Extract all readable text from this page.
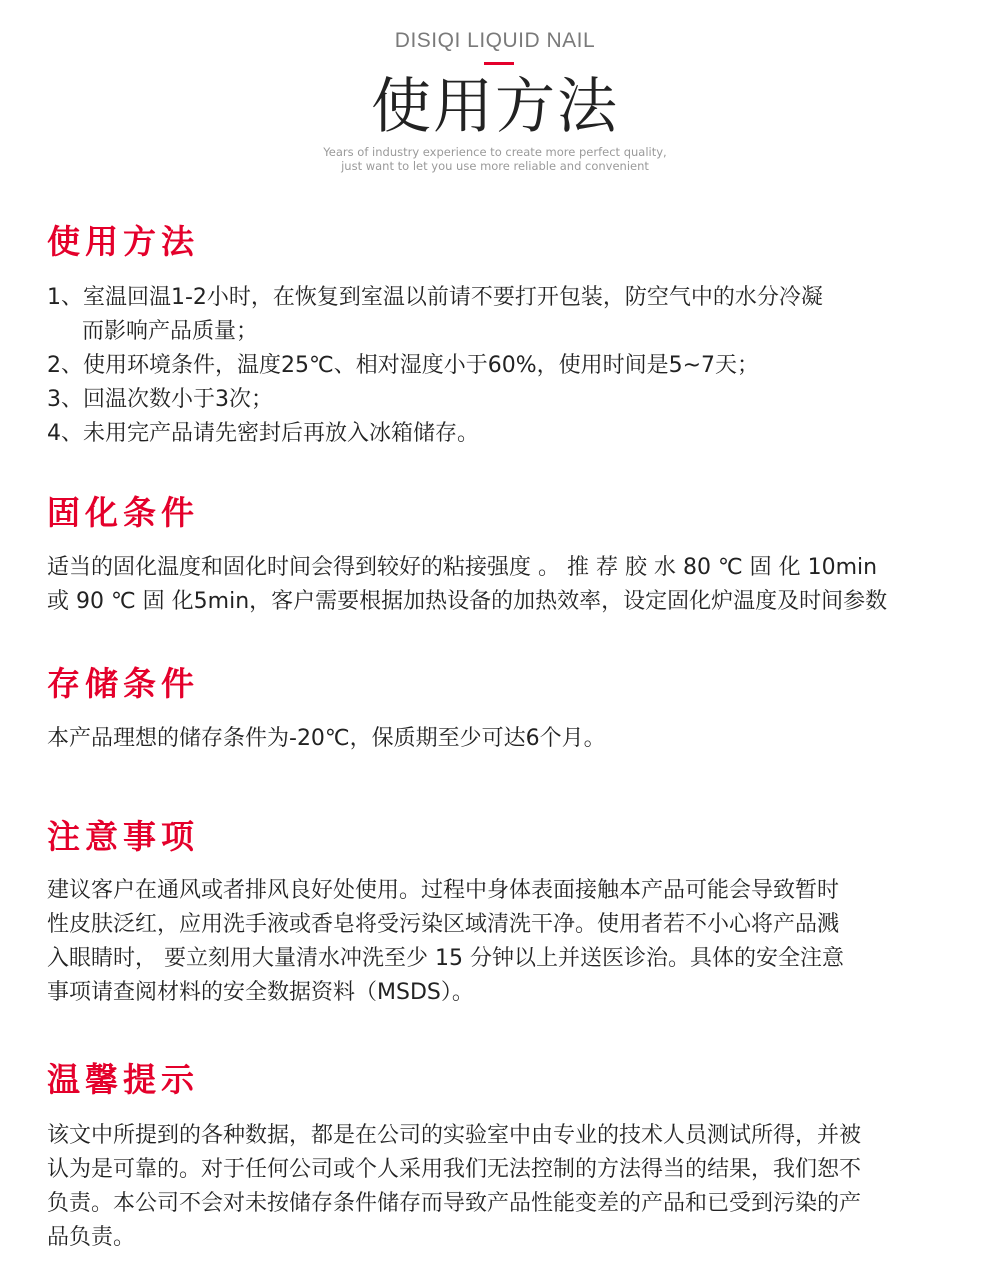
DISIQI LIQUID NAIL
使用方法
Years of industry experience to create more perfect quality,
just want to let you use more reliable and convenient
使用方法
1、室温回温1-2小时，在恢复到室温以前请不要打开包装，防空气中的水分冷凝
而影响产品质量；
2、使用环境条件，温度25℃、相对湿度小于60%，使用时间是5~7天；
3、回温次数小于3次；
4、未用完产品请先密封后再放入冰箱储存。
固化条件
适当的固化温度和固化时间会得到较好的粘接强度 。 推 荐 胶 水 80 ℃ 固 化 10min
或 90 ℃ 固 化5min，客户需要根据加热设备的加热效率，设定固化炉温度及时间参数
存储条件
本产品理想的储存条件为-20℃，保质期至少可达6个月。
注意事项
建议客户在通风或者排风良好处使用。过程中身体表面接触本产品可能会导致暂时
性皮肤泛红，应用洗手液或香皂将受污染区域清洗干净。使用者若不小心将产品溅
入眼睛时， 要立刻用大量清水冲洗至少 15 分钟以上并送医诊治。具体的安全注意
事项请查阅材料的安全数据资料（MSDS）。
温馨提示
该文中所提到的各种数据，都是在公司的实验室中由专业的技术人员测试所得，并被
认为是可靠的。对于任何公司或个人采用我们无法控制的方法得当的结果，我们恕不
负责。本公司不会对未按储存条件储存而导致产品性能变差的产品和已受到污染的产
品负责。
